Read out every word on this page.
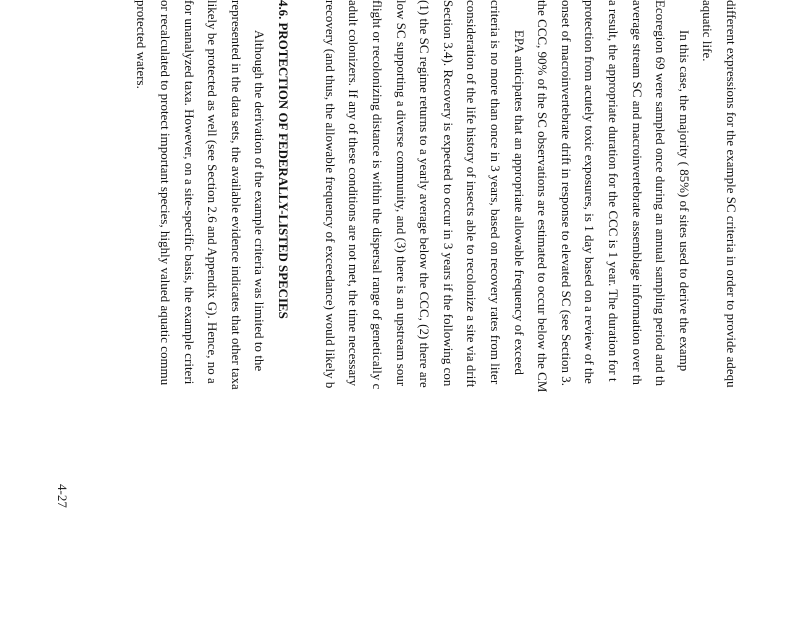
different expressions for the example SC criteria in order to provide adequ
aquatic life.
In this case, the majority ( 85%) of sites used to derive the examp
Ecoregion 69 were sampled once during an annual sampling period and th
average stream SC and macroinvertebrate assemblage information over th
a result, the appropriate duration for the CCC is 1 year. The duration for t
protection from acutely toxic exposures, is 1 day based on a review of the
onset of macroinvertebrate drift in response to elevated SC (see Section 3.
the CCC, 90% of the SC observations are estimated to occur below the CM
EPA anticipates that an appropriate allowable frequency of exceed
criteria is no more than once in 3 years, based on recovery rates from liter
consideration of the life history of insects able to recolonize a site via drift
Section 3.4). Recovery is expected to occur in 3 years if the following con
(1) the SC regime returns to a yearly average below the CCC, (2) there are
low SC supporting a diverse community, and (3) there is an upstream sour
flight or recolonizing distance is within the dispersal range of genetically c
adult colonizers. If any of these conditions are not met, the time necessary
recovery (and thus, the allowable frequency of exceedance) would likely b
4.6. PROTECTION OF FEDERALLY-LISTED SPECIES
Although the derivation of the example criteria was limited to the
represented in the data sets, the available evidence indicates that other taxa
likely be protected as well (see Section 2.6 and Appendix G). Hence, no a
for unanalyzed taxa. However, on a site-specific basis, the example criteri
or recalculated to protect important species, highly valued aquatic commu
protected waters.
4-27
